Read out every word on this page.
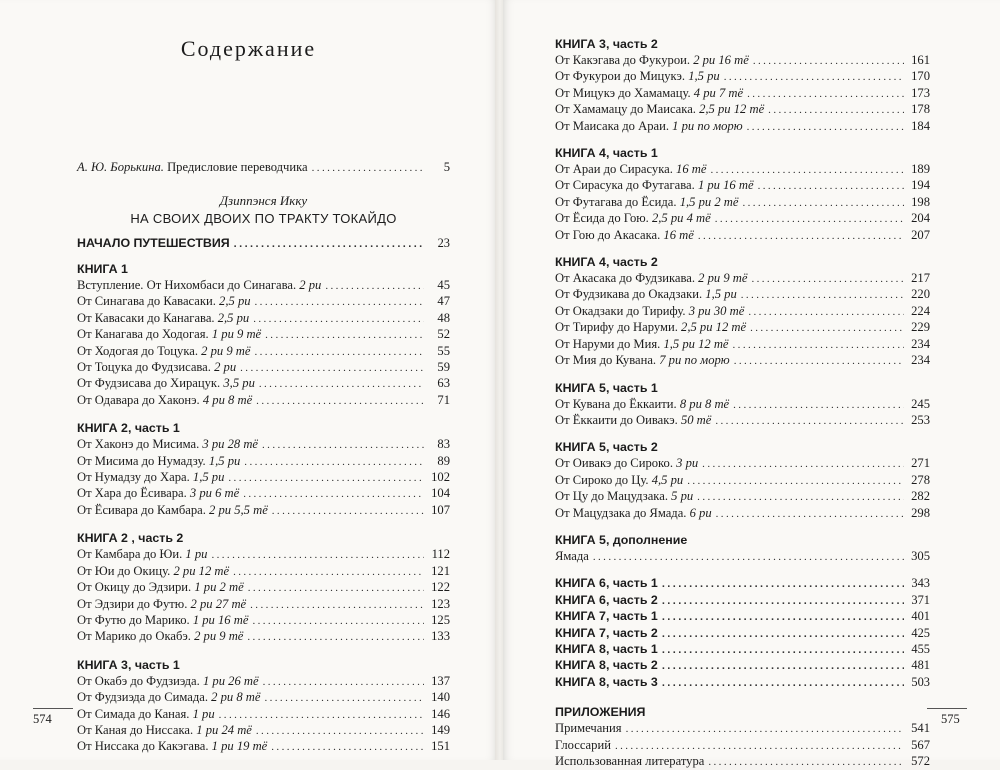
Содержание
А. Ю. Борькина. Предисловие переводчика .....	5
Дзиппэнся Икку
НА СВОИХ ДВОИХ ПО ТРАКТУ ТОКАЙДО
НАЧАЛО ПУТЕШЕСТВИЯ .....	23
КНИГА 1
Вступление. От Нихомбаси до Синагава. 2 ри .....	45
От Синагава до Кавасаки. 2,5 ри .....	47
От Кавасаки до Канагава. 2,5 ри .....	48
От Канагава до Ходогая. 1 ри 9 тё .....	52
От Ходогая до Тоцука. 2 ри 9 тё .....	55
От Тоцука до Фудзисава. 2 ри .....	59
От Фудзисава до Хирацук. 3,5 ри .....	63
От Одавара до Хаконэ. 4 ри 8 тё .....	71
КНИГА 2, часть 1
От Хаконэ до Мисима. 3 ри 28 тё .....	83
От Мисима до Нумадзу. 1,5 ри .....	89
От Нумадзу до Хара. 1,5 ри .....	102
От Хара до Ёсивара. 3 ри 6 тё .....	104
От Ёсивара до Камбара. 2 ри 5,5 тё .....	107
КНИГА 2 , часть 2
От Камбара до Юи. 1 ри .....	112
От Юи до Окицу. 2 ри 12 тё .....	121
От Окицу до Эдзири. 1 ри 2 тё .....	122
От Эдзири до Футю. 2 ри 27 тё .....	123
От Футю до Марико. 1 ри 16 тё .....	125
От Марико до Окабэ. 2 ри 9 тё .....	133
КНИГА 3, часть 1
От Окабэ до Фудзиэда. 1 ри 26 тё .....	137
От Фудзиэда до Симада. 2 ри 8 тё .....	140
От Симада до Каная. 1 ри .....	146
От Каная до Ниссака. 1 ри 24 тё .....	149
От Ниссака до Какэгава. 1 ри 19 тё .....	151
574
КНИГА 3, часть 2
От Какэгава до Фукурои. 2 ри 16 тё .....	161
От Фукурои до Мицукэ. 1,5 ри .....	170
От Мицукэ до Хамамацу. 4 ри 7 тё .....	173
От Хамамацу до Маисака. 2,5 ри 12 тё .....	178
От Маисака до Араи. 1 ри по морю .....	184
КНИГА 4, часть 1
От Араи до Сирасука. 16 тё .....	189
От Сирасука до Футагава. 1 ри 16 тё .....	194
От Футагава до Ёсида. 1,5 ри 2 тё .....	198
От Ёсида до Гою. 2,5 ри 4 тё .....	204
От Гою до Акасака. 16 тё .....	207
КНИГА 4, часть 2
От Акасака до Фудзикава. 2 ри 9 тё .....	217
От Фудзикава до Окадзаки. 1,5 ри .....	220
От Окадзаки до Тирифу. 3 ри 30 тё .....	224
От Тирифу до Наруми. 2,5 ри 12 тё .....	229
От Наруми до Мия. 1,5 ри 12 тё .....	234
От Мия до Кувана. 7 ри по морю .....	234
КНИГА 5, часть 1
От Кувана до Ёккаити. 8 ри 8 тё .....	245
От Ёккаити до Оивакэ. 50 тё .....	253
КНИГА 5, часть 2
От Оивакэ до Сироко. 3 ри .....	271
От Сироко до Цу. 4,5 ри .....	278
От Цу до Мацудзака. 5 ри .....	282
От Мацудзака до Ямада. 6 ри .....	298
КНИГА 5, дополнение
Ямада .....	305
КНИГА 6, часть 1 .....	343
КНИГА 6, часть 2 .....	371
КНИГА 7, часть 1 .....	401
КНИГА 7, часть 2 .....	425
КНИГА 8, часть 1 .....	455
КНИГА 8, часть 2 .....	481
КНИГА 8, часть 3 .....	503
ПРИЛОЖЕНИЯ
Примечания .....	541
Глоссарий .....	567
Использованная литература .....	572
575
